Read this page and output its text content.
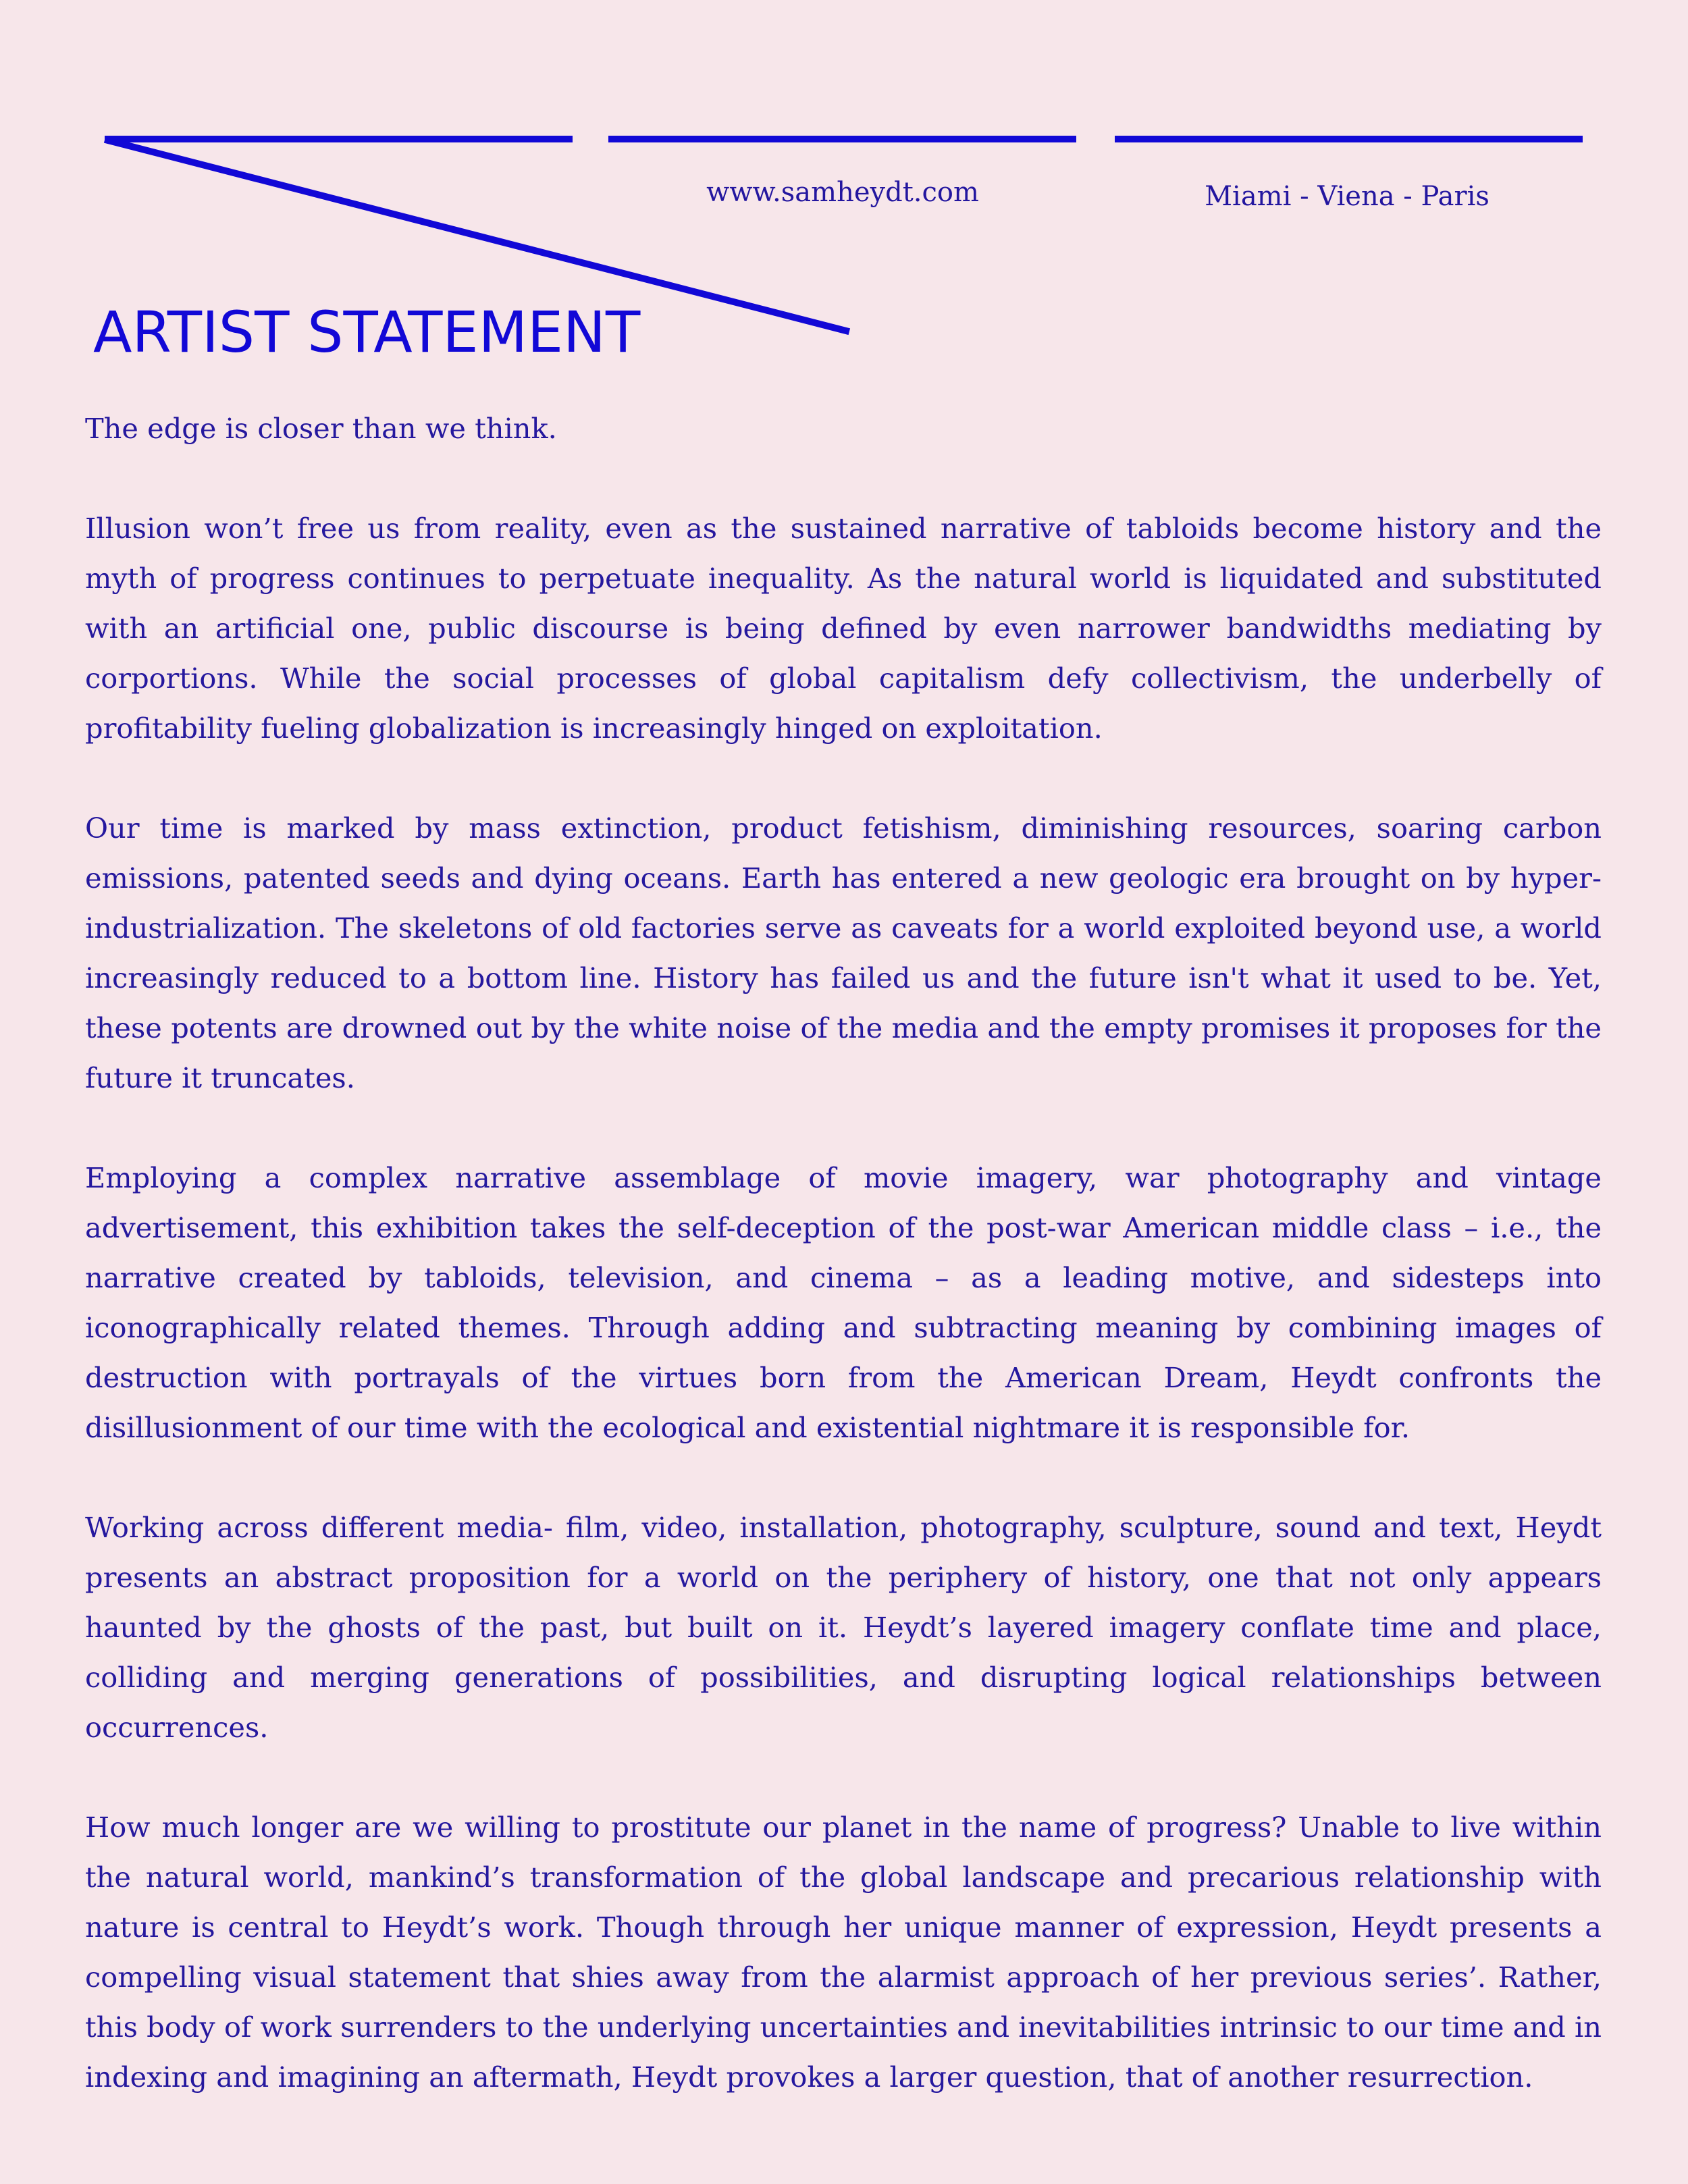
www.samheydt.com	Miami - Viena - Paris
ARTIST STATEMENT

The edge is closer than we think.

Illusion won’t free us from reality, even as the sustained narrative of tabloids become history and the myth of progress continues to perpetuate inequality. As the natural world is liquidated and substituted with an artificial one, public discourse is being defined by even narrower bandwidths mediating by corportions. While the social processes of global capitalism defy collectivism, the underbelly of profitability fueling globalization is increasingly hinged on exploitation.

Our time is marked by mass extinction, product fetishism, diminishing resources, soaring carbon emissions, patented seeds and dying oceans. Earth has entered a new geologic era brought on by hyper-industrialization. The skeletons of old factories serve as caveats for a world exploited beyond use, a world increasingly reduced to a bottom line. History has failed us and the future isn't what it used to be. Yet, these potents are drowned out by the white noise of the media and the empty promises it proposes for the future it truncates.

Employing a complex narrative assemblage of movie imagery, war photography and vintage advertisement, this exhibition takes the self-deception of the post-war American middle class – i.e., the narrative created by tabloids, television, and cinema – as a leading motive, and sidesteps into iconographically related themes. Through adding and subtracting meaning by combining images of destruction with portrayals of the virtues born from the American Dream, Heydt confronts the disillusionment of our time with the ecological and existential nightmare it is responsible for.

Working across different media- film, video, installation, photography, sculpture, sound and text, Heydt presents an abstract proposition for a world on the periphery of history, one that not only appears haunted by the ghosts of the past, but built on it. Heydt’s layered imagery conflate time and place, colliding and merging generations of possibilities, and disrupting logical relationships between occurrences.

How much longer are we willing to prostitute our planet in the name of progress? Unable to live within the natural world, mankind’s transformation of the global landscape and precarious relationship with nature is central to Heydt’s work. Though through her unique manner of expression, Heydt presents a compelling visual statement that shies away from the alarmist approach of her previous series’. Rather, this body of work surrenders to the underlying uncertainties and inevitabilities intrinsic to our time and in indexing and imagining an aftermath, Heydt provokes a larger question, that of another resurrection.
